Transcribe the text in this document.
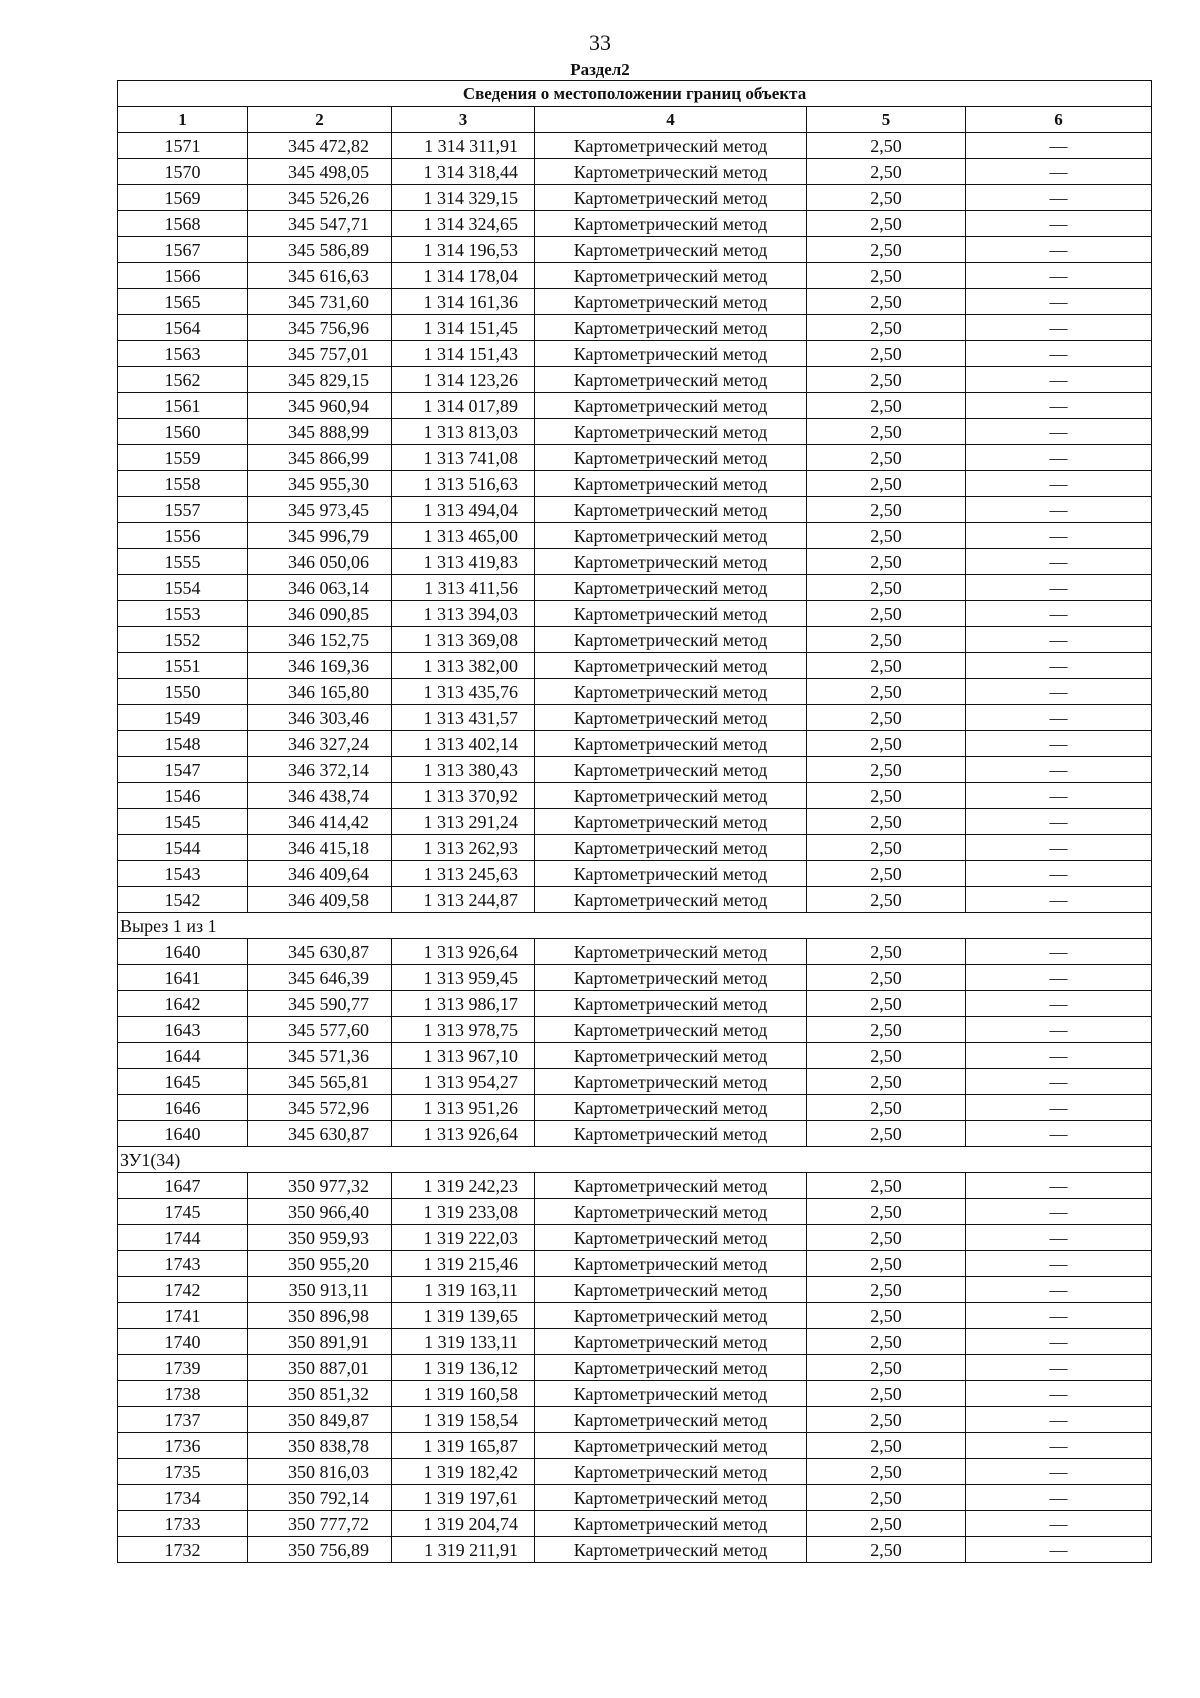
33
Раздел2
Сведения о местоположении границ объекта					
1	2	3	4	5	6
1571	345 472,82	1 314 311,91	Картометрический метод	2,50	—
1570	345 498,05	1 314 318,44	Картометрический метод	2,50	—
1569	345 526,26	1 314 329,15	Картометрический метод	2,50	—
1568	345 547,71	1 314 324,65	Картометрический метод	2,50	—
1567	345 586,89	1 314 196,53	Картометрический метод	2,50	—
1566	345 616,63	1 314 178,04	Картометрический метод	2,50	—
1565	345 731,60	1 314 161,36	Картометрический метод	2,50	—
1564	345 756,96	1 314 151,45	Картометрический метод	2,50	—
1563	345 757,01	1 314 151,43	Картометрический метод	2,50	—
1562	345 829,15	1 314 123,26	Картометрический метод	2,50	—
1561	345 960,94	1 314 017,89	Картометрический метод	2,50	—
1560	345 888,99	1 313 813,03	Картометрический метод	2,50	—
1559	345 866,99	1 313 741,08	Картометрический метод	2,50	—
1558	345 955,30	1 313 516,63	Картометрический метод	2,50	—
1557	345 973,45	1 313 494,04	Картометрический метод	2,50	—
1556	345 996,79	1 313 465,00	Картометрический метод	2,50	—
1555	346 050,06	1 313 419,83	Картометрический метод	2,50	—
1554	346 063,14	1 313 411,56	Картометрический метод	2,50	—
1553	346 090,85	1 313 394,03	Картометрический метод	2,50	—
1552	346 152,75	1 313 369,08	Картометрический метод	2,50	—
1551	346 169,36	1 313 382,00	Картометрический метод	2,50	—
1550	346 165,80	1 313 435,76	Картометрический метод	2,50	—
1549	346 303,46	1 313 431,57	Картометрический метод	2,50	—
1548	346 327,24	1 313 402,14	Картометрический метод	2,50	—
1547	346 372,14	1 313 380,43	Картометрический метод	2,50	—
1546	346 438,74	1 313 370,92	Картометрический метод	2,50	—
1545	346 414,42	1 313 291,24	Картометрический метод	2,50	—
1544	346 415,18	1 313 262,93	Картометрический метод	2,50	—
1543	346 409,64	1 313 245,63	Картометрический метод	2,50	—
1542	346 409,58	1 313 244,87	Картометрический метод	2,50	—
Вырез 1 из 1					
1640	345 630,87	1 313 926,64	Картометрический метод	2,50	—
1641	345 646,39	1 313 959,45	Картометрический метод	2,50	—
1642	345 590,77	1 313 986,17	Картометрический метод	2,50	—
1643	345 577,60	1 313 978,75	Картометрический метод	2,50	—
1644	345 571,36	1 313 967,10	Картометрический метод	2,50	—
1645	345 565,81	1 313 954,27	Картометрический метод	2,50	—
1646	345 572,96	1 313 951,26	Картометрический метод	2,50	—
1640	345 630,87	1 313 926,64	Картометрический метод	2,50	—
ЗУ1(34)					
1647	350 977,32	1 319 242,23	Картометрический метод	2,50	—
1745	350 966,40	1 319 233,08	Картометрический метод	2,50	—
1744	350 959,93	1 319 222,03	Картометрический метод	2,50	—
1743	350 955,20	1 319 215,46	Картометрический метод	2,50	—
1742	350 913,11	1 319 163,11	Картометрический метод	2,50	—
1741	350 896,98	1 319 139,65	Картометрический метод	2,50	—
1740	350 891,91	1 319 133,11	Картометрический метод	2,50	—
1739	350 887,01	1 319 136,12	Картометрический метод	2,50	—
1738	350 851,32	1 319 160,58	Картометрический метод	2,50	—
1737	350 849,87	1 319 158,54	Картометрический метод	2,50	—
1736	350 838,78	1 319 165,87	Картометрический метод	2,50	—
1735	350 816,03	1 319 182,42	Картометрический метод	2,50	—
1734	350 792,14	1 319 197,61	Картометрический метод	2,50	—
1733	350 777,72	1 319 204,74	Картометрический метод	2,50	—
1732	350 756,89	1 319 211,91	Картометрический метод	2,50	—
